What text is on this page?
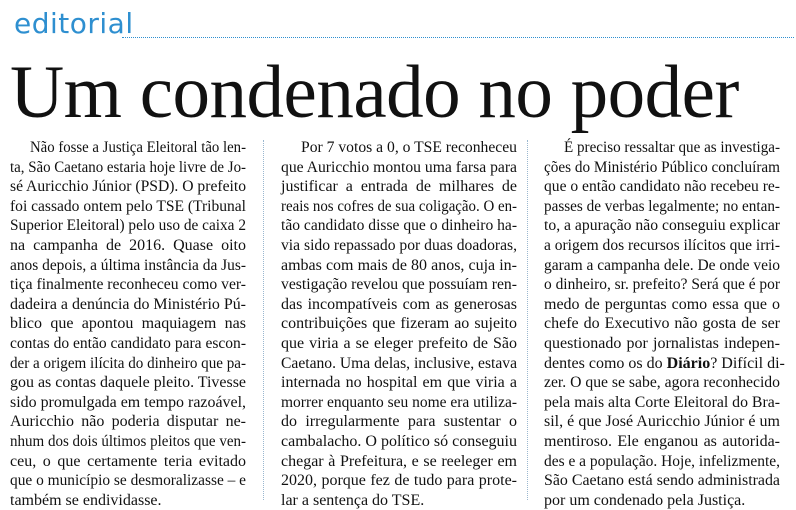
editorial
Um condenado no poder
Não fosse a Justiça Eleitoral tão len-
ta, São Caetano estaria hoje livre de Jo-
sé Auricchio Júnior (PSD). O prefeito
foi cassado ontem pelo TSE (Tribunal
Superior Eleitoral) pelo uso de caixa 2
na campanha de 2016. Quase oito
anos depois, a última instância da Jus-
tiça finalmente reconheceu como ver-
dadeira a denúncia do Ministério Pú-
blico que apontou maquiagem nas
contas do então candidato para escon-
der a origem ilícita do dinheiro que pa-
gou as contas daquele pleito. Tivesse
sido promulgada em tempo razoável,
Auricchio não poderia disputar ne-
nhum dos dois últimos pleitos que ven-
ceu, o que certamente teria evitado
que o município se desmoralizasse – e
também se endividasse.
Por 7 votos a 0, o TSE reconheceu
que Auricchio montou uma farsa para
justificar a entrada de milhares de
reais nos cofres de sua coligação. O en-
tão candidato disse que o dinheiro ha-
via sido repassado por duas doadoras,
ambas com mais de 80 anos, cuja in-
vestigação revelou que possuíam ren-
das incompatíveis com as generosas
contribuições que fizeram ao sujeito
que viria a se eleger prefeito de São
Caetano. Uma delas, inclusive, estava
internada no hospital em que viria a
morrer enquanto seu nome era utiliza-
do irregularmente para sustentar o
cambalacho. O político só conseguiu
chegar à Prefeitura, e se reeleger em
2020, porque fez de tudo para prote-
lar a sentença do TSE.
É preciso ressaltar que as investiga-
ções do Ministério Público concluíram
que o então candidato não recebeu re-
passes de verbas legalmente; no entan-
to, a apuração não conseguiu explicar
a origem dos recursos ilícitos que irri-
garam a campanha dele. De onde veio
o dinheiro, sr. prefeito? Será que é por
medo de perguntas como essa que o
chefe do Executivo não gosta de ser
questionado por jornalistas indepen-
dentes como os do Diário? Difícil di-
zer. O que se sabe, agora reconhecido
pela mais alta Corte Eleitoral do Bra-
sil, é que José Auricchio Júnior é um
mentiroso. Ele enganou as autorida-
des e a população. Hoje, infelizmente,
São Caetano está sendo administrada
por um condenado pela Justiça.
